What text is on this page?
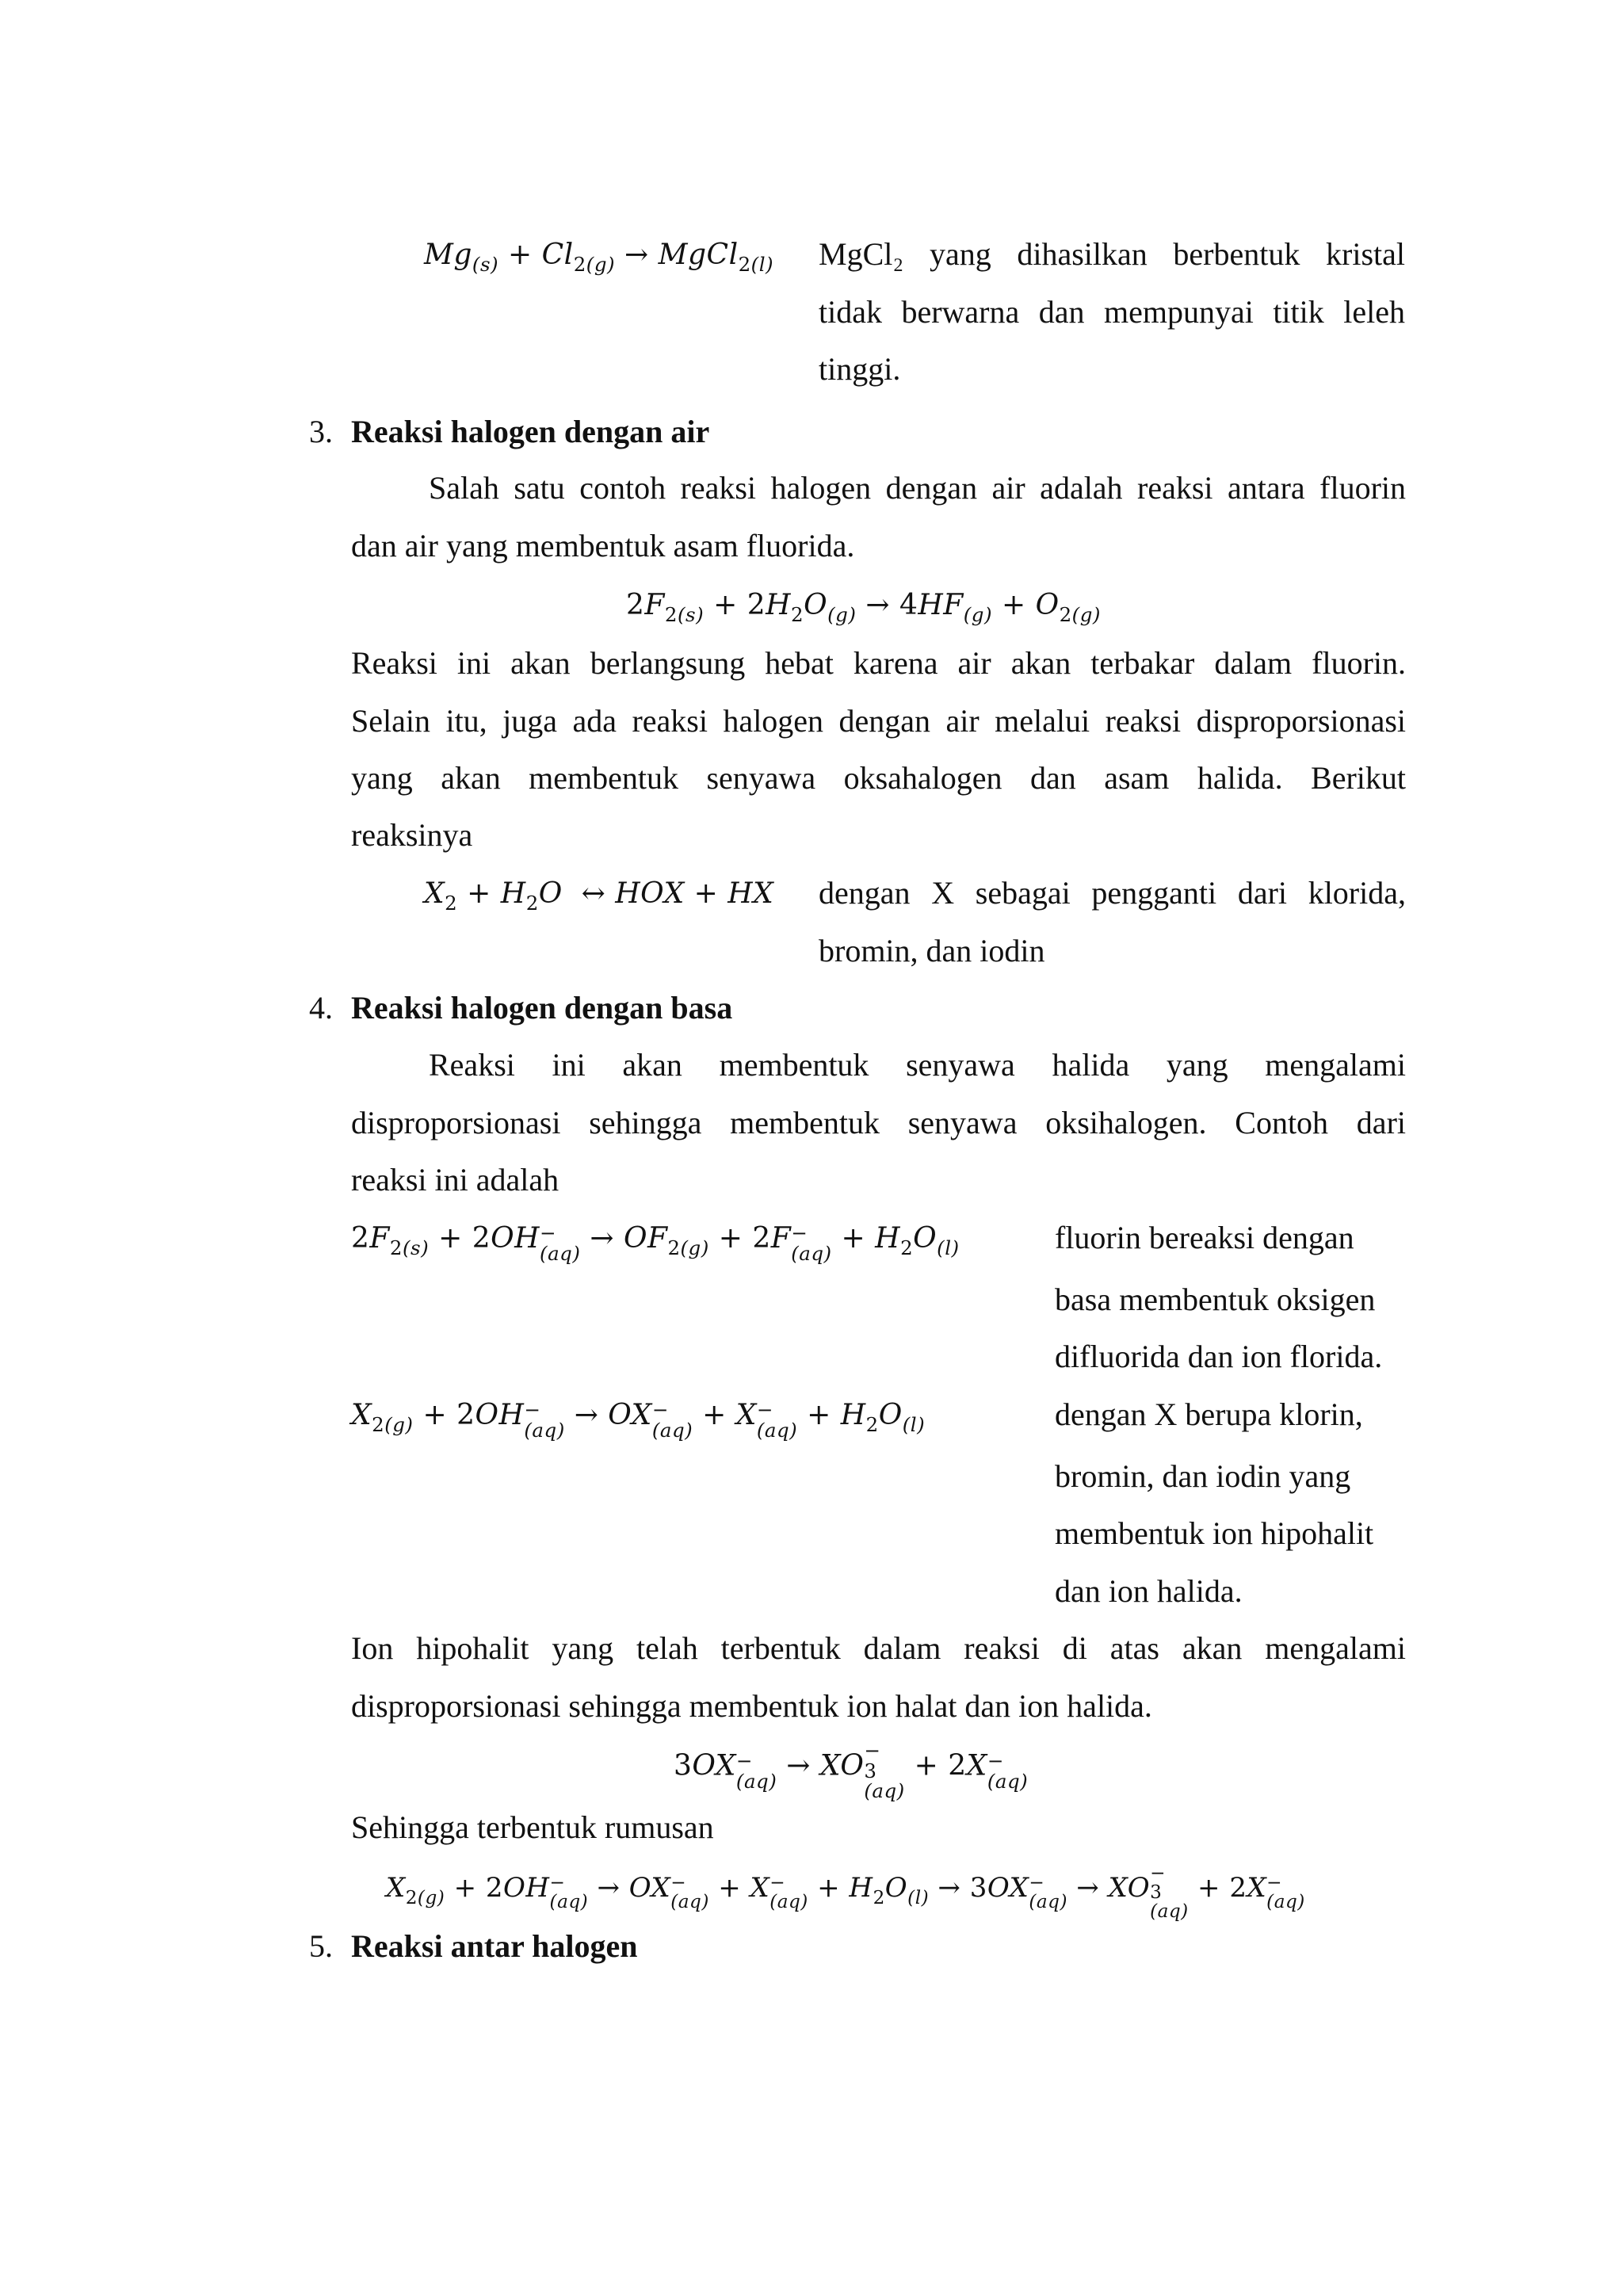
$Mg_{(s)} + Cl_{2(g)}$ → MgCl$_{2(l)}$ MgCl₂ yang dihasilkan berbentuk kristal
tidak berwarna dan mempunyai titik leleh
tinggi.
3. Reaksi halogen dengan air
Salah satu contoh reaksi halogen dengan air adalah reaksi antara fluorin
dan air yang membentuk asam fluorida.
$2F_{2(s)} + 2H_2O_{(g)} \to 4HF_{(g)} + O_{2(g)}$
Reaksi ini akan berlangsung hebat karena air akan terbakar dalam fluorin.
Selain itu, juga ada reaksi halogen dengan air melalui reaksi disproporsionasi
yang akan membentuk senyawa oksahalogen dan asam halida. Berikut
reaksinya
$X_2 + H_2O$  ↔ HOX + HX dengan X sebagai pengganti dari klorida,
bromin, dan iodin
4. Reaksi halogen dengan basa
Reaksi ini akan membentuk senyawa halida yang mengalami
disproporsionasi sehingga membentuk senyawa oksihalogen. Contoh dari
reaksi ini adalah
$2F_{2(s)} + 2OH$ −
$(aq) \to OF_{2(g)} + 2F$ −
$(aq) + H_2O_{(l)}$	fluorin bereaksi dengan
basa membentuk oksigen
difluorida dan ion florida.
$X_{2(g)} + 2OH$ −
(aq) → OX −
(aq) + X −
$(aq) + H_2O_{(l)}$	dengan X berupa klorin,
bromin, dan iodin yang
membentuk ion hipohalit
dan ion halida.
Ion hipohalit yang telah terbentuk dalam reaksi di atas akan mengalami
disproporsionasi sehingga membentuk ion halat dan ion halida.
3OX −
(aq) → XO −
3
(aq)
+ 2X −
(aq)
Sehingga terbentuk rumusan
$X_{2(g)} + 2OH$ −
(aq) → OX −
(aq) + X −
$(aq) + H_2O_{(l)} \to 3OX$ −
(aq) → XO −
3
(aq)
+ 2X −
(aq)
5. Reaksi antar halogen
